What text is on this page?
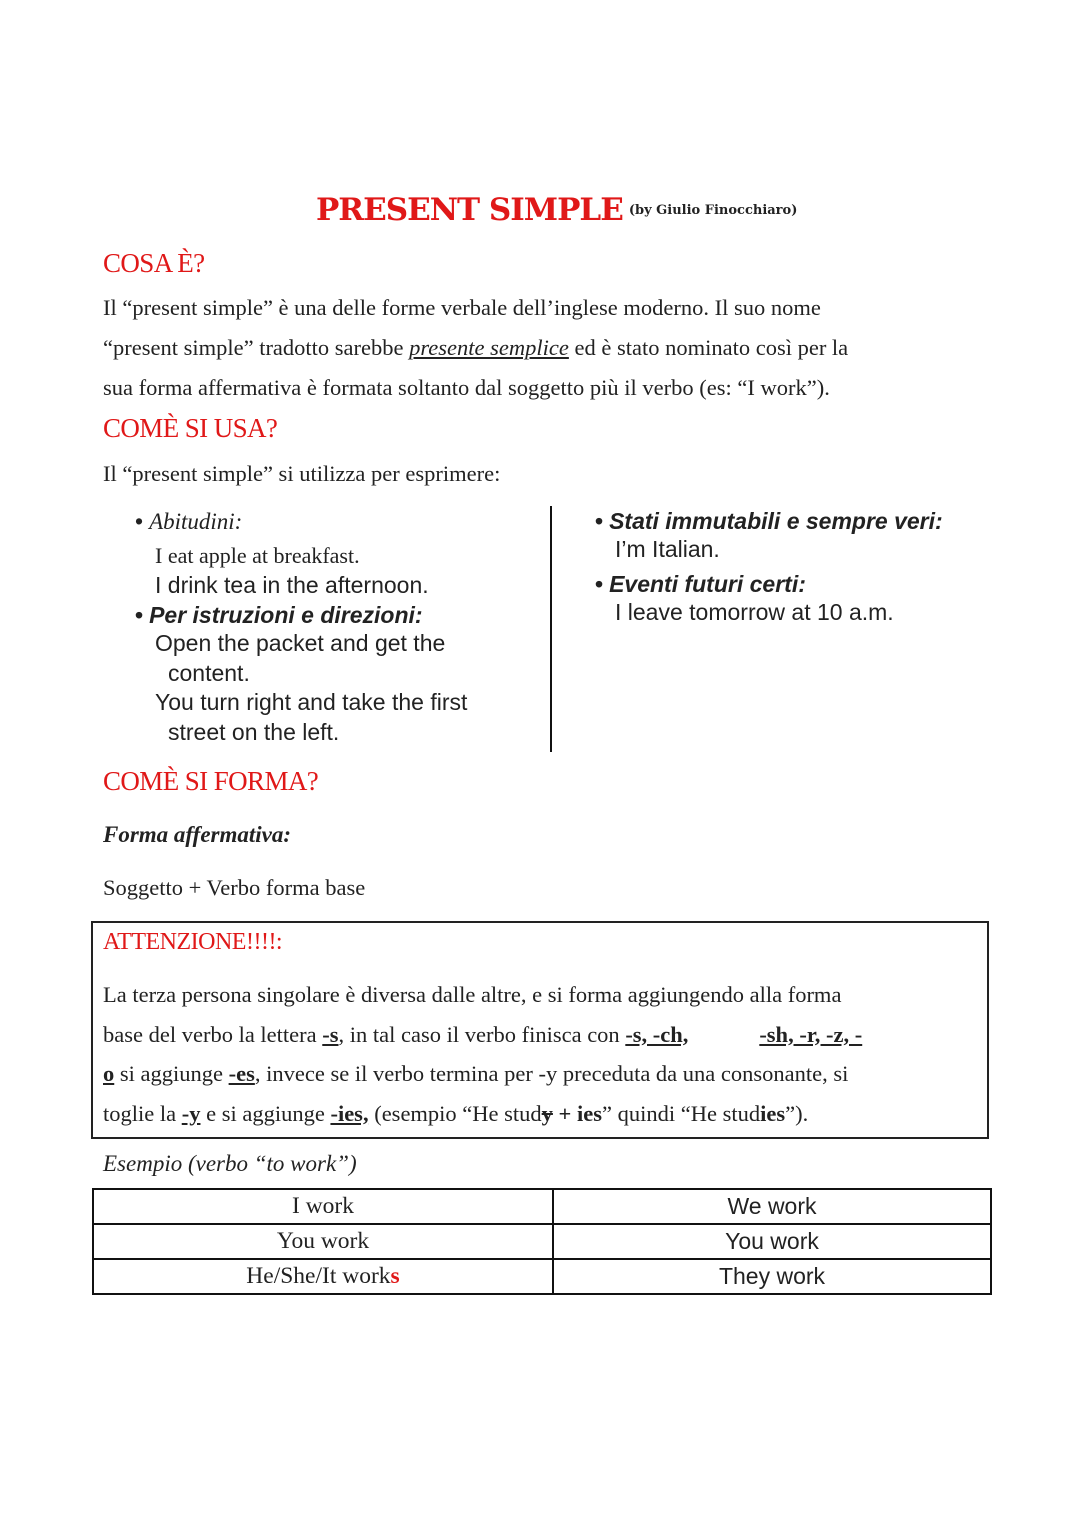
PRESENT SIMPLE (by Giulio Finocchiaro)
COSA È?
Il “present simple” è una delle forme verbale dell’inglese moderno. Il suo nome
“present simple” tradotto sarebbe presente semplice ed è stato nominato così per la
sua forma affermativa è formata soltanto dal soggetto più il verbo (es: “I work”).
COMÈ SI USA?
Il “present simple” si utilizza per esprimere:
• Abitudini:
I eat apple at breakfast.
I drink tea in the afternoon.
• Per istruzioni e direzioni:
Open the packet and get the
content.
You turn right and take the first
street on the left.
• Stati immutabili e sempre veri:
I’m Italian.
• Eventi futuri certi:
I leave tomorrow at 10 a.m.
COMÈ SI FORMA?
Forma affermativa:
Soggetto + Verbo forma base
ATTENZIONE!!!!:
La terza persona singolare è diversa dalle altre, e si forma aggiungendo alla forma
base del verbo la lettera -s, in tal caso il verbo finisca con -s, -ch,	-sh, -r, -z, -
o si aggiunge -es, invece se il verbo termina per -y preceduta da una consonante, si
toglie la -y e si aggiunge -ies, (esempio “He study + ies” quindi “He studies”).
Esempio (verbo “to work”)
I work	We work
You work	You work
He/She/It works	They work
